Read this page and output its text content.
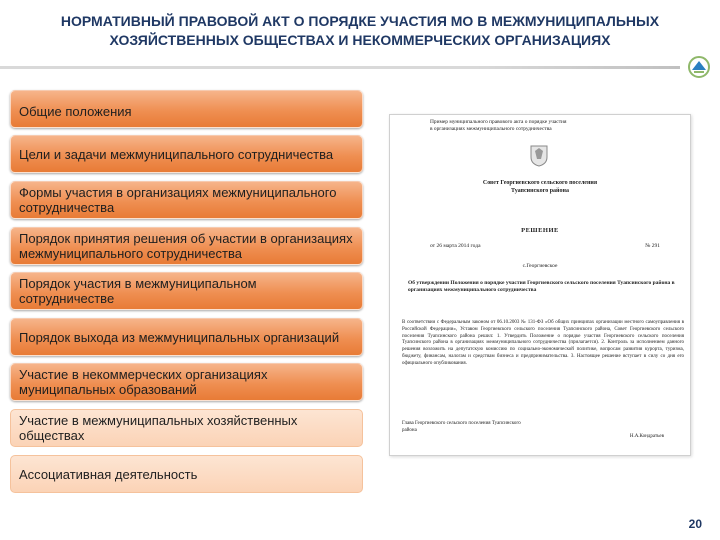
НОРМАТИВНЫЙ ПРАВОВОЙ АКТ О ПОРЯДКЕ УЧАСТИЯ МО В МЕЖМУНИЦИПАЛЬНЫХ ХОЗЯЙСТВЕННЫХ ОБЩЕСТВАХ И НЕКОММЕРЧЕСКИХ ОРГАНИЗАЦИЯХ
Общие положения
Цели и задачи межмуниципального сотрудничества
Формы участия в организациях межмуниципального сотрудничества
Порядок принятия решения об участии в организациях межмуниципального сотрудничества
Порядок участия в межмуниципальном сотрудничестве
Порядок выхода из межмуниципальных организаций
Участие в некоммерческих организациях муниципальных образований
Участие в межмуниципальных хозяйственных обществах
Ассоциативная деятельность
Пример муниципального правового акта о порядке участия
в организациях межмуниципального сотрудничества
Совет Георгиевского сельского поселения
Туапсинского района
РЕШЕНИЕ
от 26 марта 2014 года	№ 291
с.Георгиевское
Об утверждении Положения о порядке участия Георгиевского сельского поселения Туапсинского района в организациях межмуниципального сотрудничества
В соответствии с Федеральным законом от 06.10.2003 № 131-ФЗ «Об общих принципах организации местного самоуправления в Российской Федерации», Уставом Георгиевского сельского поселения Туапсинского района, Совет Георгиевского сельского поселения Туапсинского района решил: 1. Утвердить Положение о порядке участия Георгиевского сельского поселения Туапсинского района в организациях межмуниципального сотрудничества (прилагается). 2. Контроль за исполнением данного решения возложить на депутатскую комиссию по социально-экономической политике, вопросам развития курорта, туризма, бюджету, финансам, налогам и средствам бизнеса и предпринимательства. 3. Настоящее решение вступает в силу со дня его официального опубликования.
Глава Георгиевского сельского поселения Туапсинского района
Н.А.Кондратьев
20
